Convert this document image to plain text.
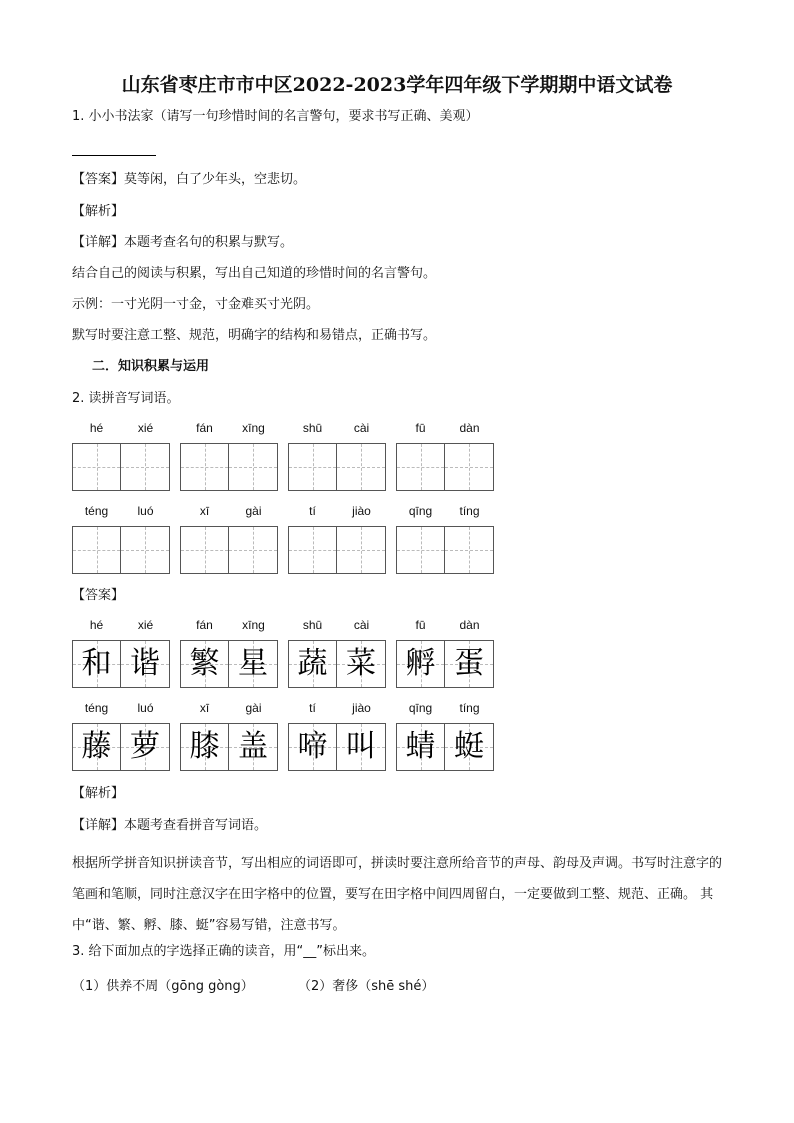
山东省枣庄市市中区2022-2023学年四年级下学期期中语文试卷
1. 小小书法家（请写一句珍惜时间的名言警句，要求书写正确、美观）
【答案】莫等闲，白了少年头，空悲切。
【解析】
【详解】本题考查名句的积累与默写。
结合自己的阅读与积累，写出自己知道的珍惜时间的名言警句。
示例：一寸光阴一寸金，寸金难买寸光阴。
默写时要注意工整、规范，明确字的结构和易错点，正确书写。
二．知识积累与运用
2. 读拼音写词语。
hé	xié	fán	xīng	shū	cài	fū	dàn
téng	luó	xī	gài	tí	jiào	qīng	tíng
【答案】
hé	xié
和 谐
fán	xīng
繁 星
shū	cài
蔬 菜
fū	dàn
孵 蛋
téng	luó
藤 萝
xī	gài
膝 盖
tí	jiào
啼 叫
qīng	tíng
蜻 蜓
【解析】
【详解】本题考查看拼音写词语。
根据所学拼音知识拼读音节，写出相应的词语即可，拼读时要注意所给音节的声母、韵母及声调。书写时注意字的笔画和笔顺，同时注意汉字在田字格中的位置，要写在田字格中间四周留白，一定要做到工整、规范、正确。 其中“谐、繁、孵、膝、蜓”容易写错，注意书写。
3. 给下面加点的字选择正确的读音，用“__”标出来。
（1）供养不周（gōng gòng）	（2）奢侈（shē shé）
